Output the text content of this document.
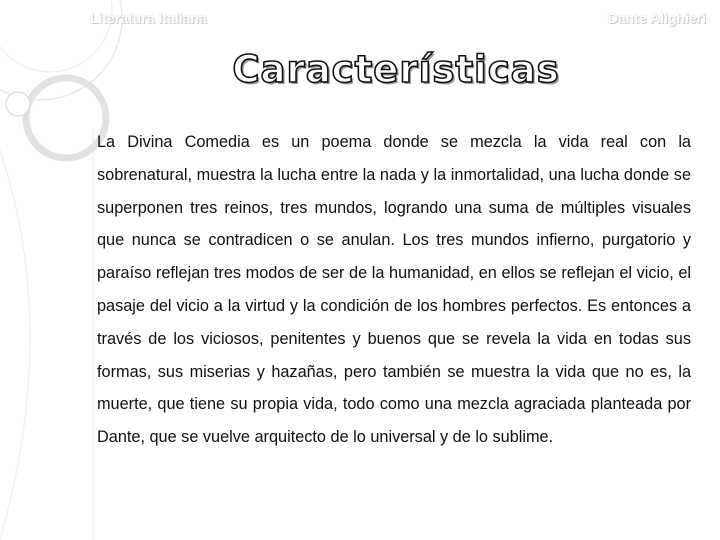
Literatura Italiana	Dante Alighieri
Características

La Divina Comedia es un poema donde se mezcla la vida real con la sobrenatural, muestra la lucha entre la nada y la inmortalidad, una lucha donde se superponen tres reinos, tres mundos, logrando una suma de múltiples visuales que nunca se contradicen o se anulan. Los tres mundos infierno, purgatorio y paraíso reflejan tres modos de ser de la humanidad, en ellos se reflejan el vicio, el pasaje del vicio a la virtud y la condición de los hombres perfectos. Es entonces a través de los viciosos, penitentes y buenos que se revela la vida en todas sus formas, sus miserias y hazañas, pero también se muestra la vida que no es, la muerte, que tiene su propia vida, todo como una mezcla agraciada planteada por Dante, que se vuelve arquitecto de lo universal y de lo sublime.
